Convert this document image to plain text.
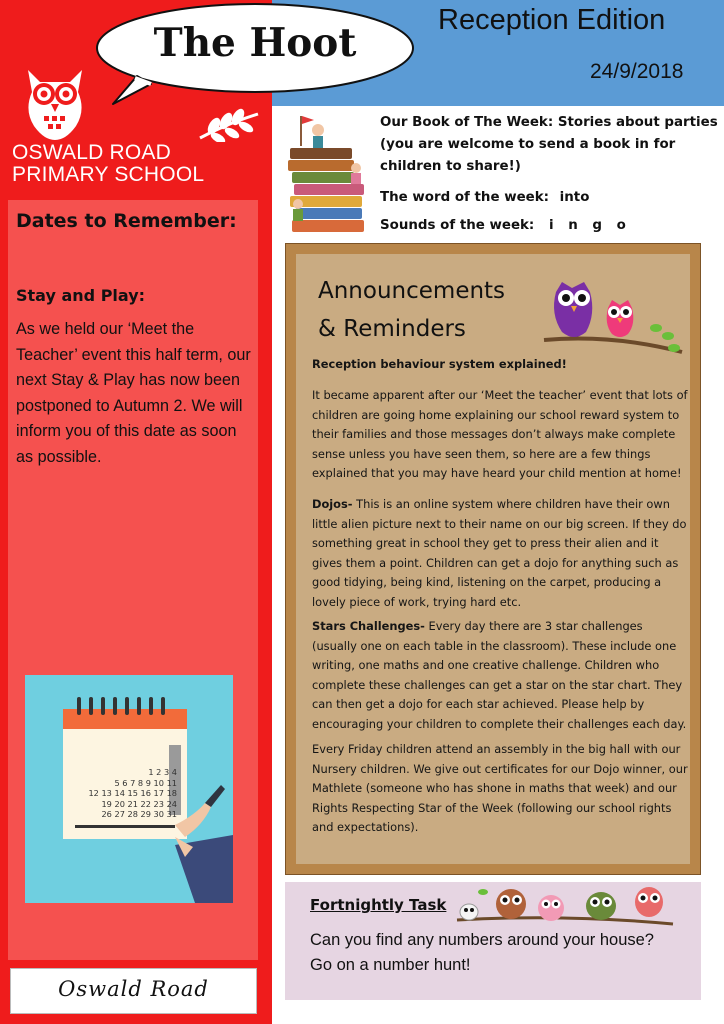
OSWALD ROAD
PRIMARY SCHOOL
Dates to Remember:
Stay and Play:
As we held our ‘Meet the Teacher’ event this half term, our next Stay & Play has now been postponed to Autumn 2. We will inform you of this date as soon as possible.
1 2 3 4
5 6 7 8 9 10 11
12 13 14 15 16 17 18
19 20 21 22 23 24
26 27 28 29 30 31
Oswald Road
Reception Edition
24/9/2018
The Hoot
Our Book of The Week: Stories about parties (you are welcome to send a book in for children to share!)
The word of the week: into
Sounds of the week: i n g o
Announcements
& Reminders
Reception behaviour system explained!
It became apparent after our ‘Meet the teacher’ event that lots of children are going home explaining our school reward system to their families and those messages don’t always make complete sense unless you have seen them, so here are a few things explained that you may have heard your child mention at home!
Dojos- This is an online system where children have their own little alien picture next to their name on our big screen. If they do something great in school they get to press their alien and it gives them a point. Children can get a dojo for anything such as good tidying, being kind, listening on the carpet, producing a lovely piece of work, trying hard etc.
Stars Challenges- Every day there are 3 star challenges (usually one on each table in the classroom). These include one writing, one maths and one creative challenge. Children who complete these challenges can get a star on the star chart. They can then get a dojo for each star achieved. Please help by encouraging your children to complete their challenges each day.
Every Friday children attend an assembly in the big hall with our Nursery children. We give out certificates for our Dojo winner, our Mathlete (someone who has shone in maths that week) and our Rights Respecting Star of the Week (following our school rights and expectations).
Fortnightly Task
Can you find any numbers around your house? Go on a number hunt!
